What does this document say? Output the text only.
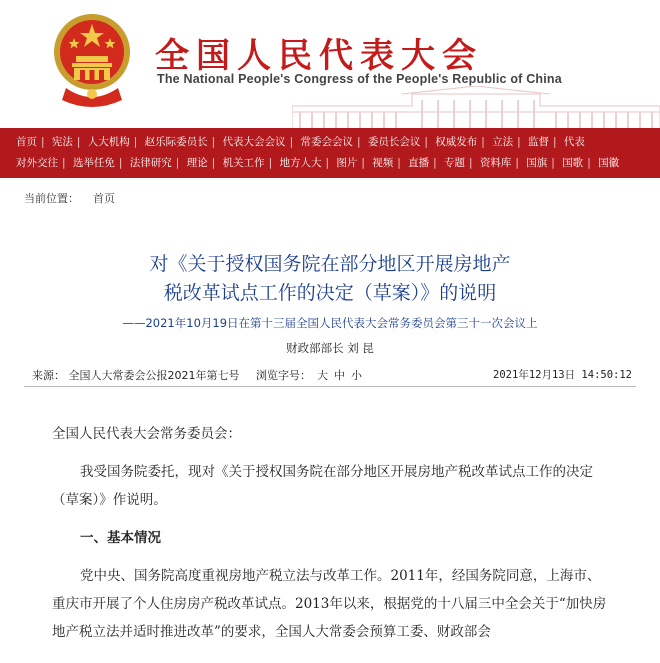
全国人民代表大会
The National People's Congress of the People's Republic of China
首页 | 宪法 | 人大机构 | 赵乐际委员长 | 代表大会会议 | 常委会会议 | 委员长会议 | 权威发布 | 立法 | 监督 | 代表
对外交往 | 选举任免 | 法律研究 | 理论 | 机关工作 | 地方人大 | 图片 | 视频 | 直播 | 专题 | 资料库 | 国旗 | 国歌 | 国徽
当前位置： 首页
对《关于授权国务院在部分地区开展房地产
税改革试点工作的决定（草案）》的说明
——2021年10月19日在第十三届全国人民代表大会常务委员会第三十一次会议上
财政部部长 刘 昆
来源： 全国人大常委会公报2021年第七号 浏览字号： 大 中 小	2021年12月13日 14:50:12

全国人民代表大会常务委员会：

我受国务院委托，现对《关于授权国务院在部分地区开展房地产税改革试点工作的决定（草案）》作说明。

一、基本情况

党中央、国务院高度重视房地产税立法与改革工作。2011年，经国务院同意，上海市、重庆市开展了个人住房房产税改革试点。2013年以来，根据党的十八届三中全会关于“加快房地产税立法并适时推进改革”的要求，全国人大常委会预算工委、财政部会
